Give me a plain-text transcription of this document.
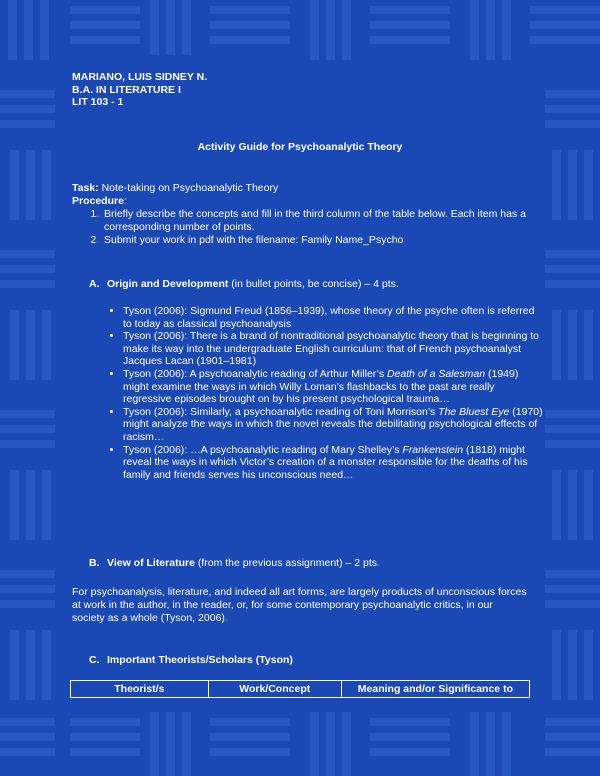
MARIANO, LUIS SIDNEY N.
B.A. IN LITERATURE I
LIT 103 - 1
Activity Guide for Psychoanalytic Theory
Task: Note-taking on Psychoanalytic Theory
Procedure:
1. Briefly describe the concepts and fill in the third column of the table below. Each item has a corresponding number of points.
2. Submit your work in pdf with the filename: Family Name_Psycho
A. Origin and Development (in bullet points, be concise) – 4 pts.
• Tyson (2006): Sigmund Freud (1856–1939), whose theory of the psyche often is referred to today as classical psychoanalysis
• Tyson (2006): There is a brand of nontraditional psychoanalytic theory that is beginning to make its way into the undergraduate English curriculum: that of French psychoanalyst Jacques Lacan (1901–1981)
• Tyson (2006): A psychoanalytic reading of Arthur Miller’s Death of a Salesman (1949) might examine the ways in which Willy Loman’s flashbacks to the past are really regressive episodes brought on by his present psychological trauma…
• Tyson (2006): Similarly, a psychoanalytic reading of Toni Morrison’s The Bluest Eye (1970) might analyze the ways in which the novel reveals the debilitating psychological effects of racism…
• Tyson (2006): …A psychoanalytic reading of Mary Shelley’s Frankenstein (1818) might reveal the ways in which Victor’s creation of a monster responsible for the deaths of his family and friends serves his unconscious need…
B. View of Literature (from the previous assignment) – 2 pts.
For psychoanalysis, literature, and indeed all art forms, are largely products of unconscious forces at work in the author, in the reader, or, for some contemporary psychoanalytic critics, in our society as a whole (Tyson, 2006).
C. Important Theorists/Scholars (Tyson)
Theorist/s	Work/Concept	Meaning and/or Significance to
